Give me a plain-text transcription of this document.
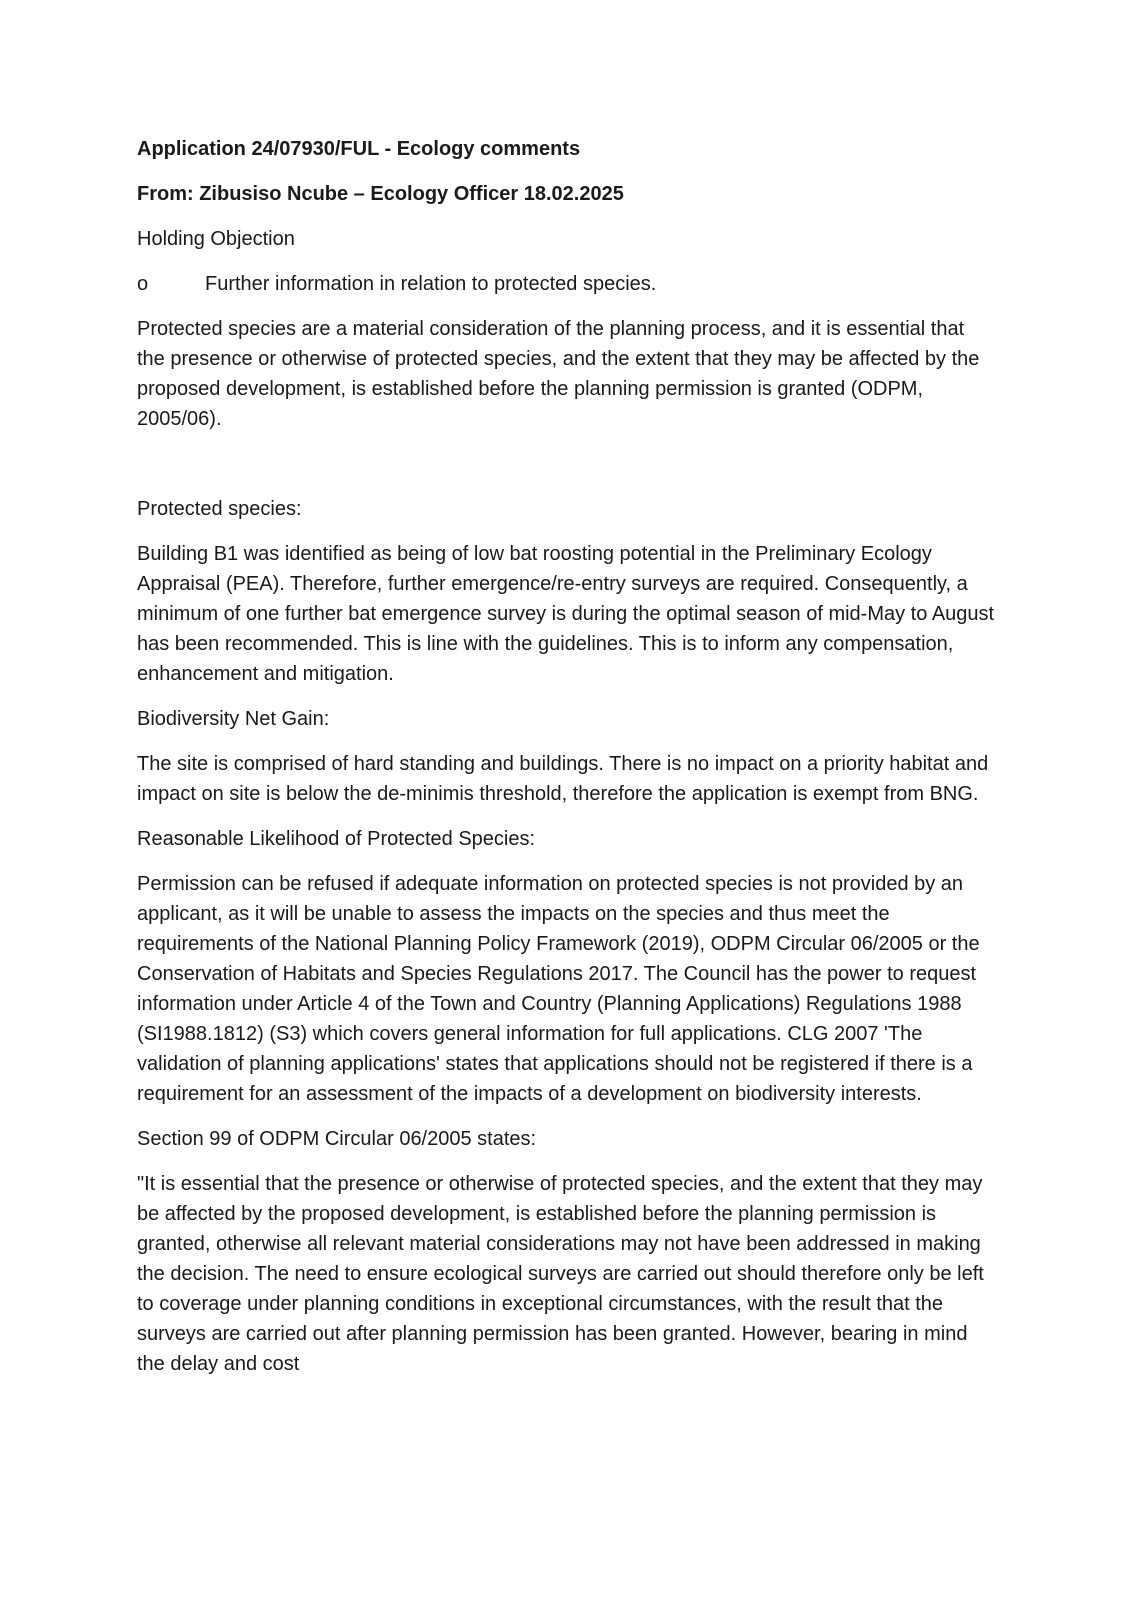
Application 24/07930/FUL - Ecology comments

From: Zibusiso Ncube – Ecology Officer 18.02.2025

Holding Objection

o	Further information in relation to protected species.

Protected species are a material consideration of the planning process, and it is essential that the presence or otherwise of protected species, and the extent that they may be affected by the proposed development, is established before the planning permission is granted (ODPM, 2005/06).

Protected species:

Building B1 was identified as being of low bat roosting potential in the Preliminary Ecology Appraisal (PEA). Therefore, further emergence/re-entry surveys are required. Consequently, a minimum of one further bat emergence survey is during the optimal season of mid-May to August has been recommended. This is line with the guidelines. This is to inform any compensation, enhancement and mitigation.

Biodiversity Net Gain:

The site is comprised of hard standing and buildings. There is no impact on a priority habitat and impact on site is below the de-minimis threshold, therefore the application is exempt from BNG.

Reasonable Likelihood of Protected Species:

Permission can be refused if adequate information on protected species is not provided by an applicant, as it will be unable to assess the impacts on the species and thus meet the requirements of the National Planning Policy Framework (2019), ODPM Circular 06/2005 or the Conservation of Habitats and Species Regulations 2017. The Council has the power to request information under Article 4 of the Town and Country (Planning Applications) Regulations 1988 (SI1988.1812) (S3) which covers general information for full applications. CLG 2007 'The validation of planning applications' states that applications should not be registered if there is a requirement for an assessment of the impacts of a development on biodiversity interests.

Section 99 of ODPM Circular 06/2005 states:

"It is essential that the presence or otherwise of protected species, and the extent that they may be affected by the proposed development, is established before the planning permission is granted, otherwise all relevant material considerations may not have been addressed in making the decision. The need to ensure ecological surveys are carried out should therefore only be left to coverage under planning conditions in exceptional circumstances, with the result that the surveys are carried out after planning permission has been granted. However, bearing in mind the delay and cost
